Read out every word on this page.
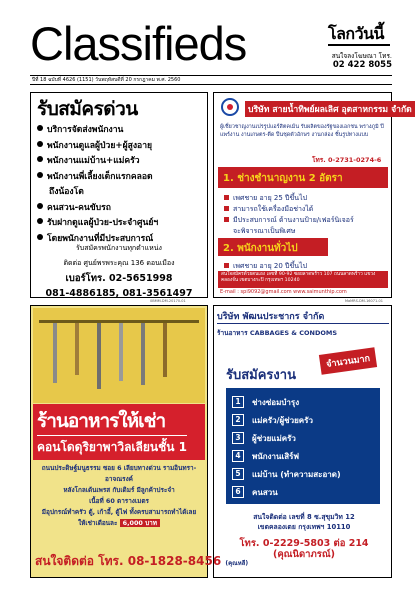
Classifieds	โลกวันนี้
สนใจลงโฆษณา โทร.
02 422 8055
ปีที่ 18 ฉบับที่ 4626 (1151) วันพฤหัสบดีที่ 20 กรกฎาคม พ.ศ. 2560
รับสมัครด่วน
บริการจัดส่งพนักงาน
พนักงานดูแลผู้ป่วย+ผู้สูงอายุ
พนักงานแม่บ้าน+แม่ครัว
พนักงานพี่เลี้ยงเด็กแรกคลอด
ถึงน้องโต
คนสวน-คนขับรถ
รับฝากดูแลผู้ป่วย-ประจำศูนย์ฯ
โดยพนักงานที่มีประสบการณ์
รับสมัครพนักงานทุกตำแหน่ง
ติดต่อ ศูนย์พรพระคุณ 136 ดอนเมือง
เบอร์โทร. 02-5651998
081-4886185, 081-3561497
0BMM-DM-20170-01
บริษัท สายน้ำทิพย์ผลเลิศ อุตสาหกรรม จำกัด
ผู้เชี่ยวชาญงานเปรรูปแอร์สิตคเม้น รับผลิตของรัฐของเอกชน พรางภูมิ ปีแพร์งาน งานเกษตร-ตีด ปืนชุดตัวอักษร งานกล่อง ชิ้นรูปทางแบบ
โทร. 0-2731-0274-6
1. ช่างชำนาญงาน 2 อัตรา
เพศชาย อายุ 25 ปีขึ้นไป
สามารถใช้เครื่องมือช่างได้
มีประสบการณ์ ด้านงานป้าย/เฟอร์นิเจอร์
จะพิจารณาเป็นพิเศษ
2. พนักงานทั่วไป
เพศชาย อายุ 20 ปีขึ้นไป
สนใจสมัครด้วยตนเอง เลขที่ 90-92 ซอยลาดพร้าว 107 ถนนลาดพร้าว แขวงคลองจั่น เขตบางกะปิ กรุงเทพฯ 10240
E-mail : spi9092@gmail.com www.saimunthip.com
MaMRS-DM-16071-01
ร้านอาหารให้เช่า
คอนโดดุริยาพาวิลเลียนชั้น 1
ถนนประดิษฐ์มนูธรรม ซอย 6 เลียบทางด่วน รามอินทรา-อาจณรงค์
หลังโกลเด้นเพรส กับเดิมร์ มีลูกค้าประจำ
เนื้อที่ 60 ตารางเมตร
มีอุปกรณ์ทำครัว ตู้, เก้าอี้, ตู้ไฟ ทั้งครบสามารถทำได้เลย
ให้เช่าเดือนละ 6,000 บาท
สนใจติดต่อ โทร. 08-1828-8456 (คุณหลี)
บริษัท พัฒนประชากร จำกัด
ร้านอาหาร CABBAGES & CONDOMS
รับสมัครงาน
จำนวนมาก
1	ช่างซ่อมบำรุง
2	แม่ครัว/ผู้ช่วยครัว
3	ผู้ช่วยแม่ครัว
4	พนักงานเสิร์ฟ
5	แม่บ้าน (ทำความสะอาด)
6	คนสวน
สนใจติดต่อ เลขที่ 8 ซ.สุขุมวิท 12
เขตคลองเตย กรุงเทพฯ 10110
โทร. 0-2229-5803 ต่อ 214
(คุณนิดาภรณ์)
